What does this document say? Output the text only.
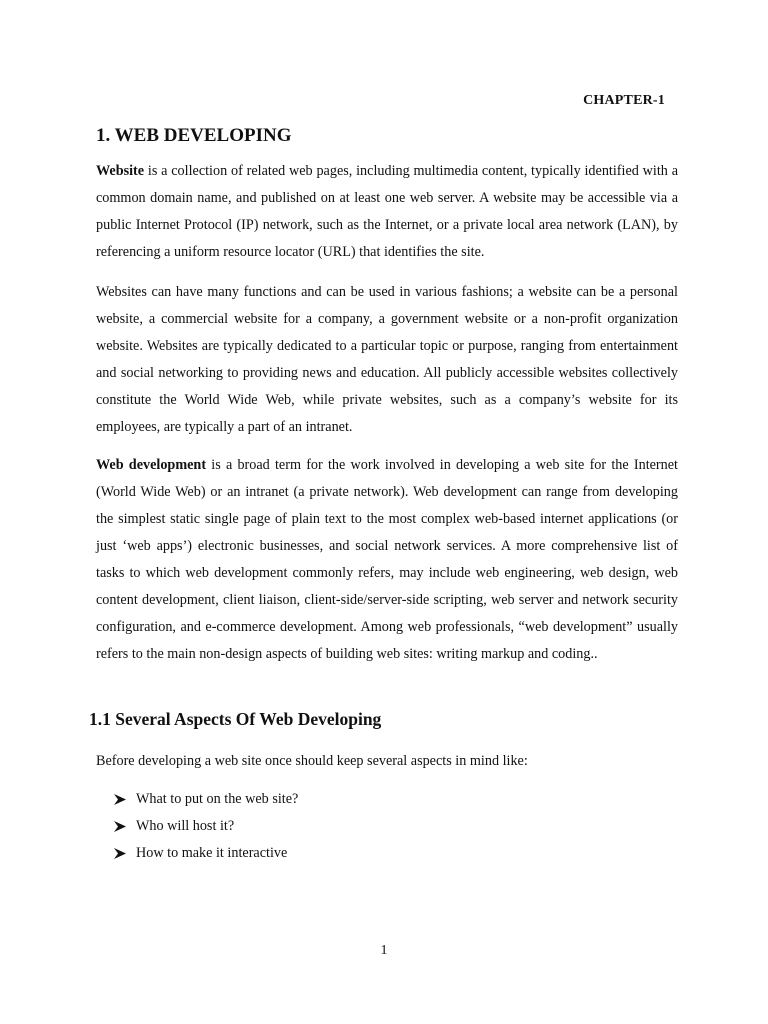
CHAPTER-1
1. WEB DEVELOPING

Website is a collection of related web pages, including multimedia content, typically identified with a common domain name, and published on at least one web server. A website may be accessible via a public Internet Protocol (IP) network, such as the Internet, or a private local area network (LAN), by referencing a uniform resource locator (URL) that identifies the site.

Websites can have many functions and can be used in various fashions; a website can be a personal website, a commercial website for a company, a government website or a non-profit organization website. Websites are typically dedicated to a particular topic or purpose, ranging from entertainment and social networking to providing news and education. All publicly accessible websites collectively constitute the World Wide Web, while private websites, such as a company’s website for its employees, are typically a part of an intranet.

Web development is a broad term for the work involved in developing a web site for the Internet (World Wide Web) or an intranet (a private network). Web development can range from developing the simplest static single page of plain text to the most complex web-based internet applications (or just ‘web apps’) electronic businesses, and social network services. A more comprehensive list of tasks to which web development commonly refers, may include web engineering, web design, web content development, client liaison, client-side/server-side scripting, web server and network security configuration, and e-commerce development. Among web professionals, “web development” usually refers to the main non-design aspects of building web sites: writing markup and coding..

1.1 Several Aspects Of Web Developing

Before developing a web site once should keep several aspects in mind like:

What to put on the web site?
Who will host it?
How to make it interactive
1
